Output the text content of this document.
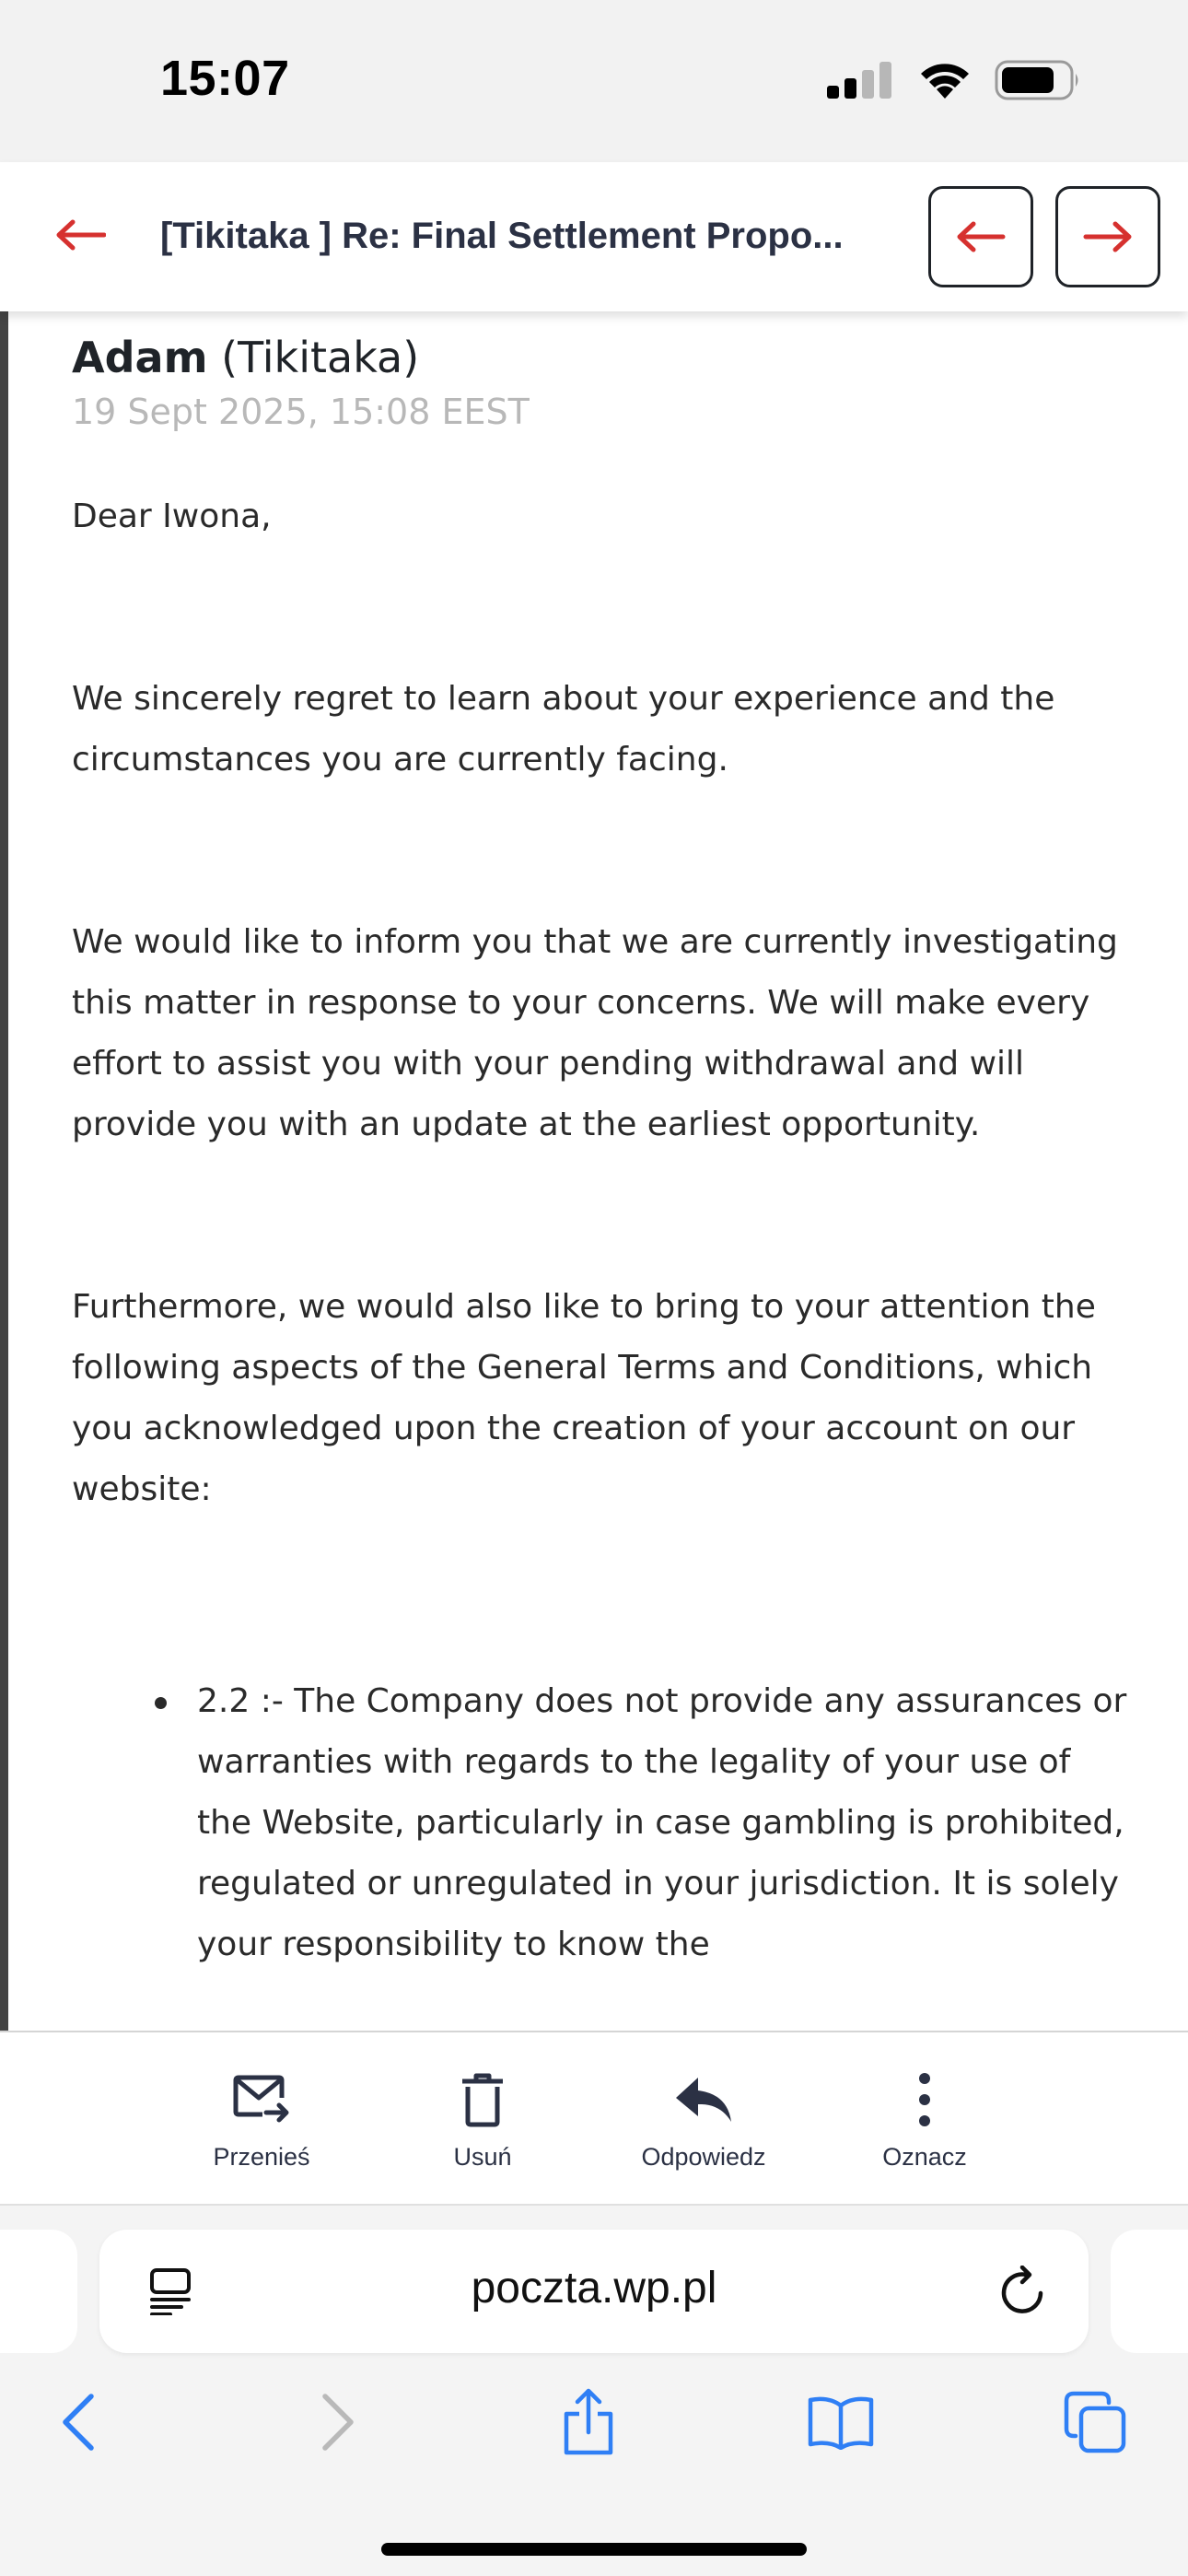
15:07
[Tikitaka ] Re: Final Settlement Propo...
Adam (Tikitaka)
19 Sept 2025, 15:08 EEST

Dear Iwona,

We sincerely regret to learn about your experience and the circumstances you are currently facing.

We would like to inform you that we are currently investigating this matter in response to your concerns. We will make every effort to assist you with your pending withdrawal and will provide you with an update at the earliest opportunity.

Furthermore, we would also like to bring to your attention the following aspects of the General Terms and Conditions, which you acknowledged upon the creation of your account on our website:

2.2 :- The Company does not provide any assurances or warranties with regards to the legality of your use of the Website, particularly in case gambling is prohibited, regulated or unregulated in your jurisdiction. It is solely your responsibility to know the
Przenieś	Usuń	Odpowiedz	Oznacz
poczta.wp.pl
